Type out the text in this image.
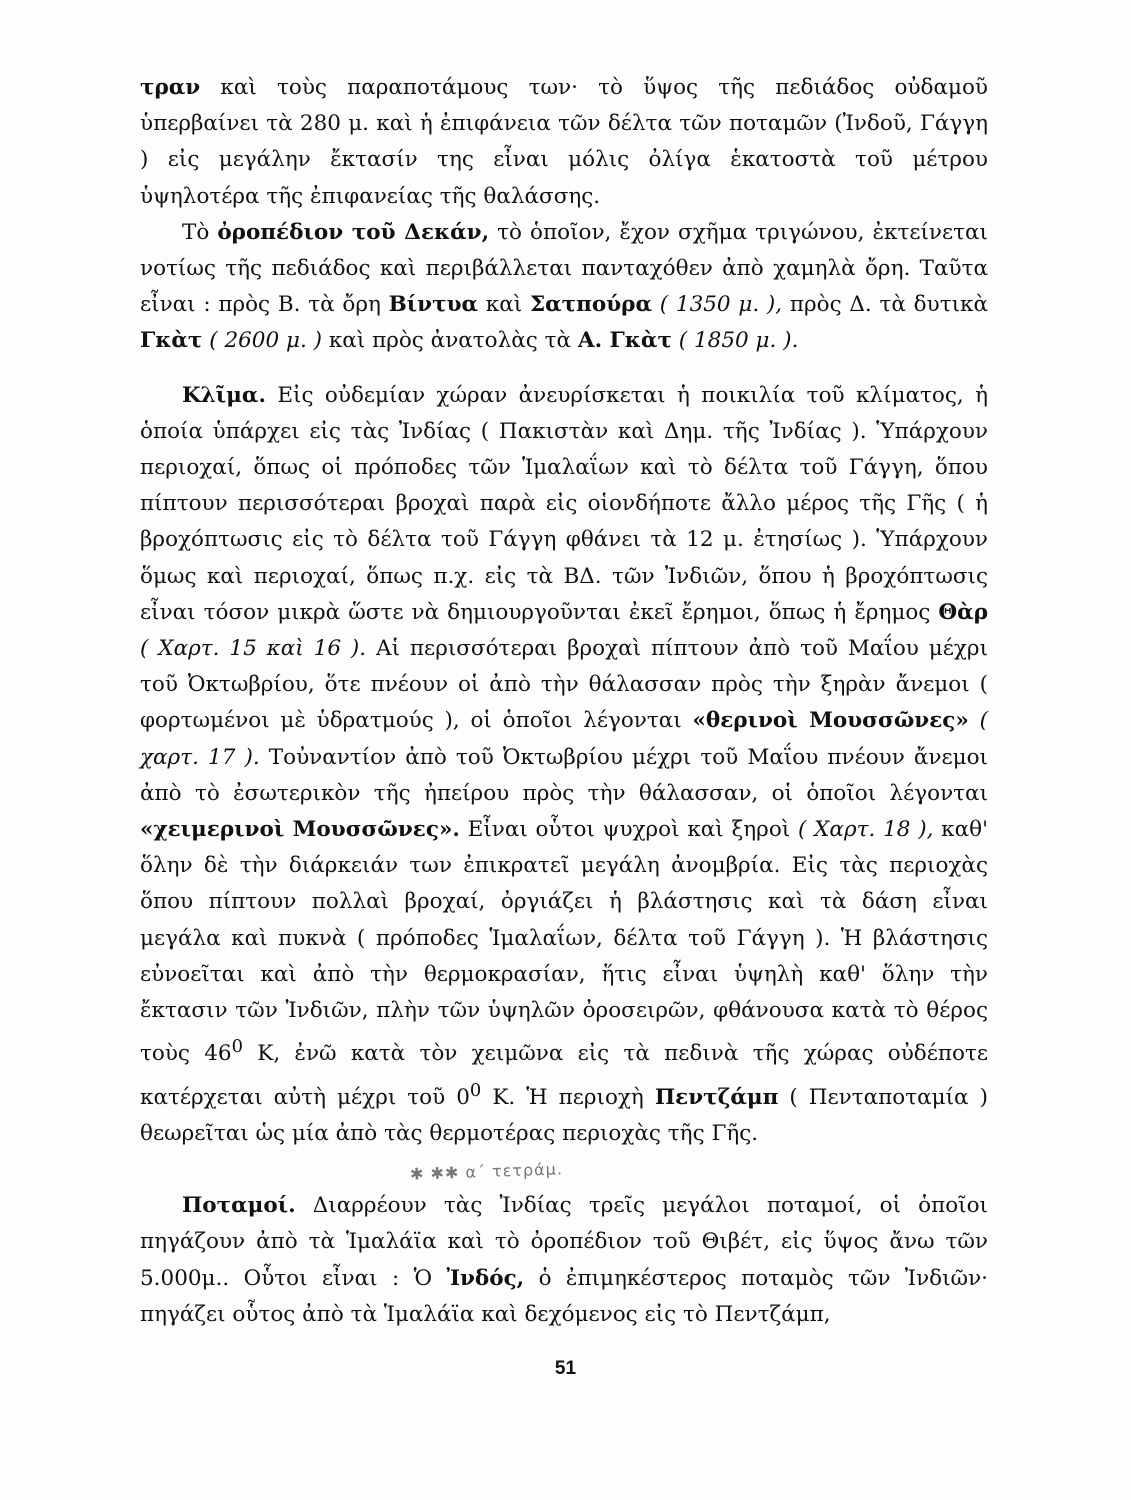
τραν καὶ τοὺς παραποτάμους των· τὸ ὕψος τῆς πεδιάδος οὐδαμοῦ ὑπερβαίνει τὰ 280 μ. καὶ ἡ ἐπιφάνεια τῶν δέλτα τῶν ποταμῶν (Ἰνδοῦ, Γάγγη ) εἰς μεγάλην ἔκτασίν της εἶναι μόλις ὀλίγα ἑκατοστὰ τοῦ μέτρου ὑψηλοτέρα τῆς ἐπιφανείας τῆς θαλάσσης.

Τὸ ὀροπέδιον τοῦ Δεκάν, τὸ ὁποῖον, ἔχον σχῆμα τριγώνου, ἐκτείνεται νοτίως τῆς πεδιάδος καὶ περιβάλλεται πανταχόθεν ἀπὸ χαμηλὰ ὄρη. Ταῦτα εἶναι : πρὸς Β. τὰ ὄρη Βίντυα καὶ Σατπούρα ( 1350 μ. ), πρὸς Δ. τὰ δυτικὰ Γκὰτ ( 2600 μ. ) καὶ πρὸς ἀνατολὰς τὰ Α. Γκὰτ ( 1850 μ. ).

Κλῖμα. Εἰς οὐδεμίαν χώραν ἀνευρίσκεται ἡ ποικιλία τοῦ κλίματος, ἡ ὁποία ὑπάρχει εἰς τὰς Ἰνδίας ( Πακιστὰν καὶ Δημ. τῆς Ἰνδίας ). Ὑπάρχουν περιοχαί, ὅπως οἱ πρόποδες τῶν Ἱμαλαΐων καὶ τὸ δέλτα τοῦ Γάγγη, ὅπου πίπτουν περισσότεραι βροχαὶ παρὰ εἰς οἱονδήποτε ἄλλο μέρος τῆς Γῆς ( ἡ βροχόπτωσις εἰς τὸ δέλτα τοῦ Γάγγη φθάνει τὰ 12 μ. ἐτησίως ). Ὑπάρχουν ὅμως καὶ περιοχαί, ὅπως π.χ. εἰς τὰ ΒΔ. τῶν Ἰνδιῶν, ὅπου ἡ βροχόπτωσις εἶναι τόσον μικρὰ ὥστε νὰ δημιουργοῦνται ἐκεῖ ἔρημοι, ὅπως ἡ ἔρημος Θὰρ ( Χαρτ. 15 καὶ 16 ). Αἱ περισσότεραι βροχαὶ πίπτουν ἀπὸ τοῦ Μαΐου μέχρι τοῦ Ὀκτωβρίου, ὅτε πνέουν οἱ ἀπὸ τὴν θάλασσαν πρὸς τὴν ξηρὰν ἄνεμοι ( φορτωμένοι μὲ ὑδρατμούς ), οἱ ὁποῖοι λέγονται «θερινοὶ Μουσσῶνες» ( χαρτ. 17 ). Τοὐναντίον ἀπὸ τοῦ Ὀκτωβρίου μέχρι τοῦ Μαΐου πνέουν ἄνεμοι ἀπὸ τὸ ἐσωτερικὸν τῆς ἠπείρου πρὸς τὴν θάλασσαν, οἱ ὁποῖοι λέγονται «χειμερινοὶ Μουσσῶνες». Εἶναι οὗτοι ψυχροὶ καὶ ξηροὶ ( Χαρτ. 18 ), καθ' ὅλην δὲ τὴν διάρκειάν των ἐπικρατεῖ μεγάλη ἀνομβρία. Εἰς τὰς περιοχὰς ὅπου πίπτουν πολλαὶ βροχαί, ὀργιάζει ἡ βλάστησις καὶ τὰ δάση εἶναι μεγάλα καὶ πυκνὰ ( πρόποδες Ἱμαλαΐων, δέλτα τοῦ Γάγγη ). Ἡ βλάστησις εὐνοεῖται καὶ ἀπὸ τὴν θερμοκρασίαν, ἥτις εἶναι ὑψηλὴ καθ' ὅλην τὴν ἔκτασιν τῶν Ἰνδιῶν, πλὴν τῶν ὑψηλῶν ὀροσειρῶν, φθάνουσα κατὰ τὸ θέρος τοὺς $46^0$ Κ, ἐνῶ κατὰ τὸν χειμῶνα εἰς τὰ πεδινὰ τῆς χώρας οὐδέποτε κατέρχεται αὐτὴ μέχρι τοῦ $0^0$ Κ. Ἡ περιοχὴ Πεντζάμπ ( Πενταποταμία ) θεωρεῖται ὡς μία ἀπὸ τὰς θερμοτέρας περιοχὰς τῆς Γῆς.

Ποταμοί. Διαρρέουν τὰς Ἰνδίας τρεῖς μεγάλοι ποταμοί, οἱ ὁποῖοι πηγάζουν ἀπὸ τὰ Ἱμαλάϊα καὶ τὸ ὀροπέδιον τοῦ Θιβέτ, εἰς ὕψος ἄνω τῶν 5.000μ.. Οὗτοι εἶναι : Ὁ Ἰνδός, ὁ ἐπιμηκέστερος ποταμὸς τῶν Ἰνδιῶν· πηγάζει οὗτος ἀπὸ τὰ Ἱμαλάϊα καὶ δεχόμενος εἰς τὸ Πεντζάμπ,

✱ ✱✱ α΄ τετράμ.
51
